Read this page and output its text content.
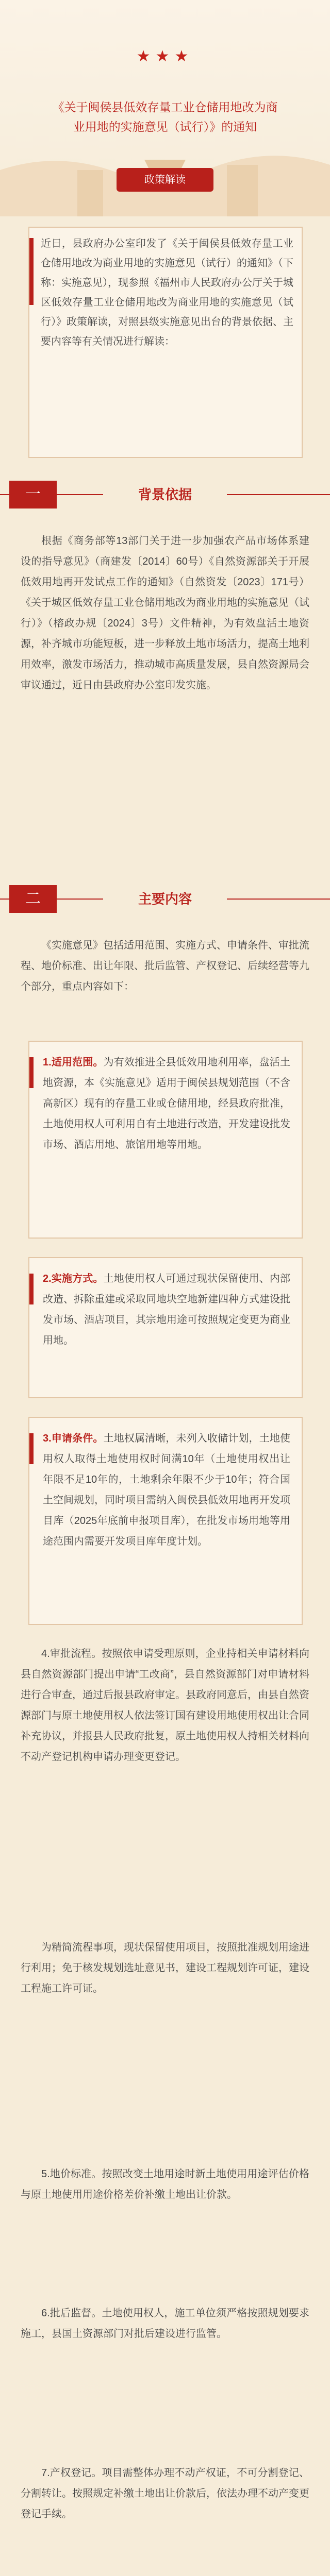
★★★
《关于闽侯县低效存量工业仓储用地改为商业用地的实施意见（试行）》的通知
政策解读
近日，县政府办公室印发了《关于闽侯县低效存量工业仓储用地改为商业用地的实施意见（试行）的通知》（下称：实施意见），现参照《福州市人民政府办公厅关于城区低效存量工业仓储用地改为商业用地的实施意见（试行）》政策解读，对照县级实施意见出台的背景依据、主要内容等有关情况进行解读：
一	背景依据
根据《商务部等13部门关于进一步加强农产品市场体系建设的指导意见》（商建发〔2014〕60号）《自然资源部关于开展低效用地再开发试点工作的通知》（自然资发〔2023〕171号）《关于城区低效存量工业仓储用地改为商业用地的实施意见（试行）》（榕政办规〔2024〕3号）文件精神，为有效盘活土地资源，补齐城市功能短板，进一步释放土地市场活力，提高土地利用效率，激发市场活力，推动城市高质量发展，县自然资源局会审议通过，近日由县政府办公室印发实施。
二	主要内容
《实施意见》包括适用范围、实施方式、申请条件、审批流程、地价标准、出让年限、批后监管、产权登记、后续经营等九个部分，重点内容如下：
1.适用范围。为有效推进全县低效用地利用率，盘活土地资源，本《实施意见》适用于闽侯县规划范围（不含高新区）现有的存量工业或仓储用地，经县政府批准，土地使用权人可利用自有土地进行改造，开发建设批发市场、酒店用地、旅馆用地等用地。
2.实施方式。土地使用权人可通过现状保留使用、内部改造、拆除重建或采取同地块空地新建四种方式建设批发市场、酒店项目，其宗地用途可按照规定变更为商业用地。
3.申请条件。土地权属清晰，未列入收储计划，土地使用权人取得土地使用权时间满10年（土地使用权出让年限不足10年的，土地剩余年限不少于10年；符合国土空间规划，同时项目需纳入闽侯县低效用地再开发项目库（2025年底前申报项目库），在批发市场用地等用途范围内需要开发项目库年度计划。
4.审批流程。按照依申请受理原则，企业持相关申请材料向县自然资源部门提出申请“工改商”，县自然资源部门对申请材料进行合审查，通过后报县政府审定。县政府同意后，由县自然资源部门与原土地使用权人依法签订国有建设用地使用权出让合同补充协议，并报县人民政府批复，原土地使用权人持相关材料向不动产登记机构申请办理变更登记。
为精简流程事项，现状保留使用项目，按照批准规划用途进行利用；免于核发规划选址意见书，建设工程规划许可证，建设工程施工许可证。
5.地价标准。按照改变土地用途时新土地使用用途评估价格与原土地使用用途价格差价补缴土地出让价款。
6.批后监督。土地使用权人，施工单位须严格按照规划要求施工，县国土资源部门对批后建设进行监管。
7.产权登记。项目需整体办理不动产权证，不可分割登记、分割转让。按照规定补缴土地出让价款后，依法办理不动产变更登记手续。
